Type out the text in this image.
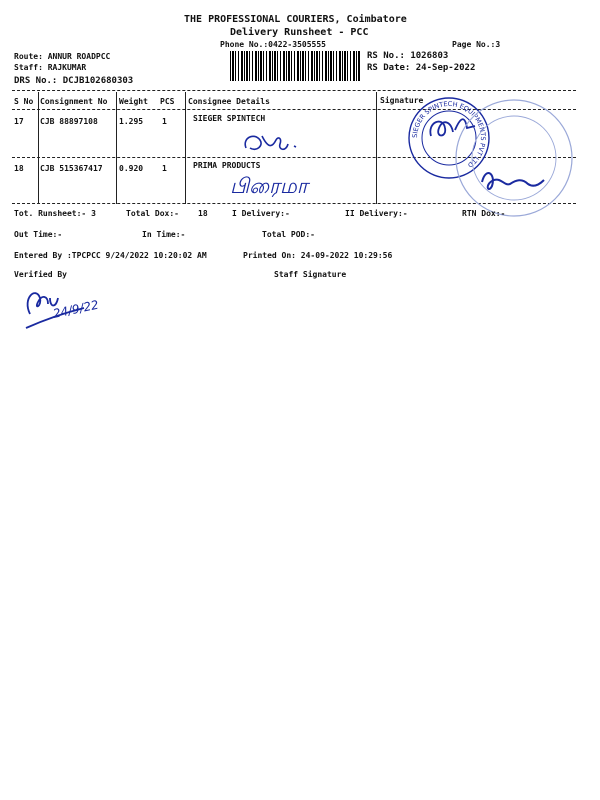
THE PROFESSIONAL COURIERS, Coimbatore
Delivery Runsheet - PCC
Phone No.:0422-3505555	Page No.:3
Route: ANNUR ROADPCC
Staff: RAJKUMAR
DRS No.: DCJB102680303
RS No.: 1026803
RS Date: 24-Sep-2022
S No Consignment No Weight PCS Consignee Details	Signature
17 CJB 88897108	1.295 1	SIEGER SPINTECH
18 CJB 515367417 0.920 1	PRIMA PRODUCTS
பிரைமா
SIEGER SPINTECH EQUIPMENTS PVT LTD
Tot. Runsheet:- 3	Total Dox:- 18	I Delivery:-	II Delivery:-	RTN Dox:-
Out Time:-	In Time:-	Total POD:-
Entered By :TPCPCC 9/24/2022 10:20:02 AM	Printed On: 24-09-2022 10:29:56
Verified By	Staff Signature
24/9/22
